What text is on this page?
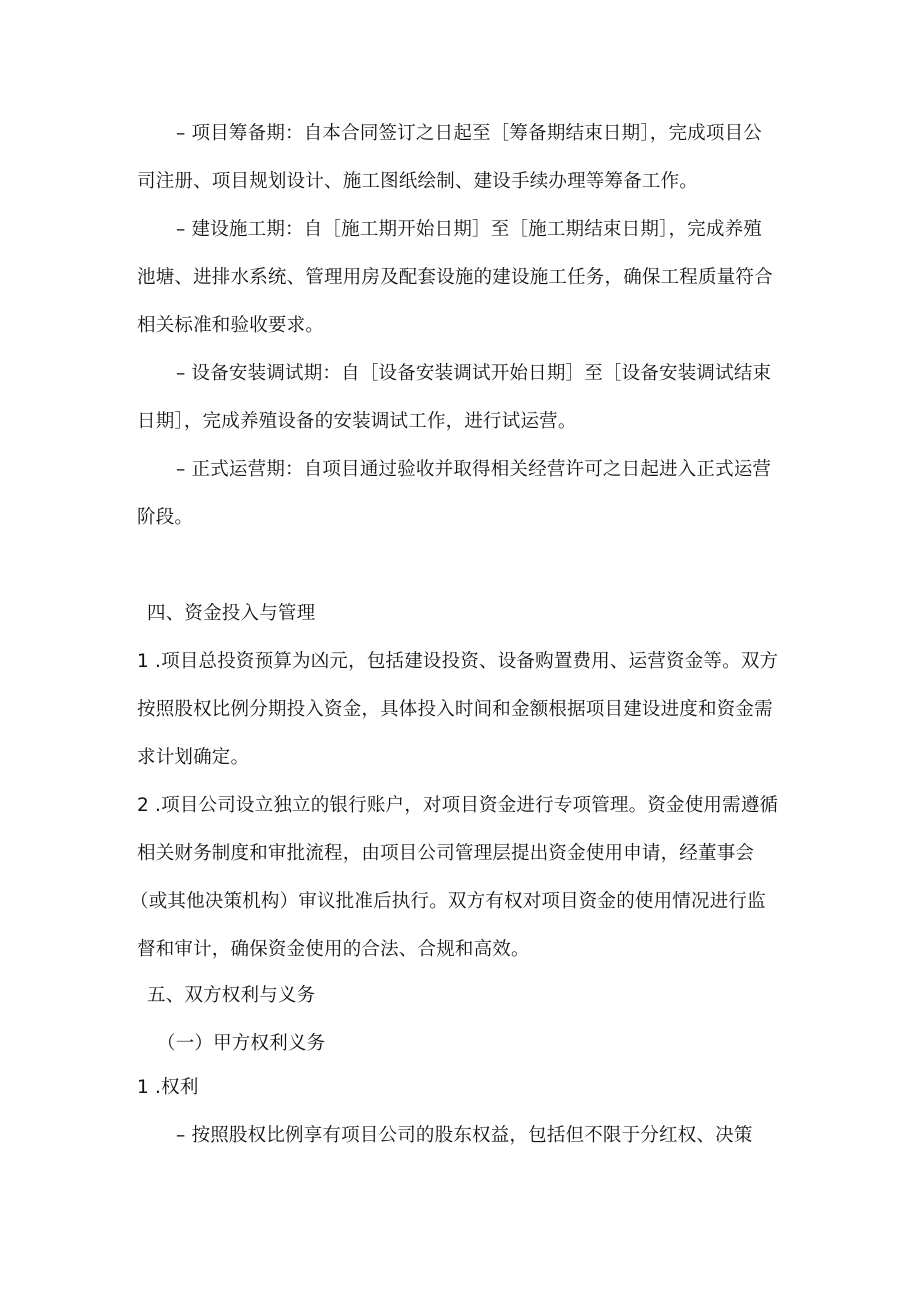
– 项目筹备期：自本合同签订之日起至［筹备期结束日期］，完成项目公
司注册、项目规划设计、施工图纸绘制、建设手续办理等筹备工作。
– 建设施工期：自［施工期开始日期］至［施工期结束日期］，完成养殖
池塘、进排水系统、管理用房及配套设施的建设施工任务，确保工程质量符合
相关标准和验收要求。
– 设备安装调试期：自［设备安装调试开始日期］至［设备安装调试结束
日期］，完成养殖设备的安装调试工作，进行试运营。
– 正式运营期：自项目通过验收并取得相关经营许可之日起进入正式运营
阶段。
四、资金投入与管理
1 .项目总投资预算为凶元，包括建设投资、设备购置费用、运营资金等。双方
按照股权比例分期投入资金，具体投入时间和金额根据项目建设进度和资金需
求计划确定。
2 .项目公司设立独立的银行账户，对项目资金进行专项管理。资金使用需遵循
相关财务制度和审批流程，由项目公司管理层提出资金使用申请，经董事会
（或其他决策机构）审议批准后执行。双方有权对项目资金的使用情况进行监
督和审计，确保资金使用的合法、合规和高效。
五、双方权利与义务
（一）甲方权利义务
1 .权利
– 按照股权比例享有项目公司的股东权益，包括但不限于分红权、决策
